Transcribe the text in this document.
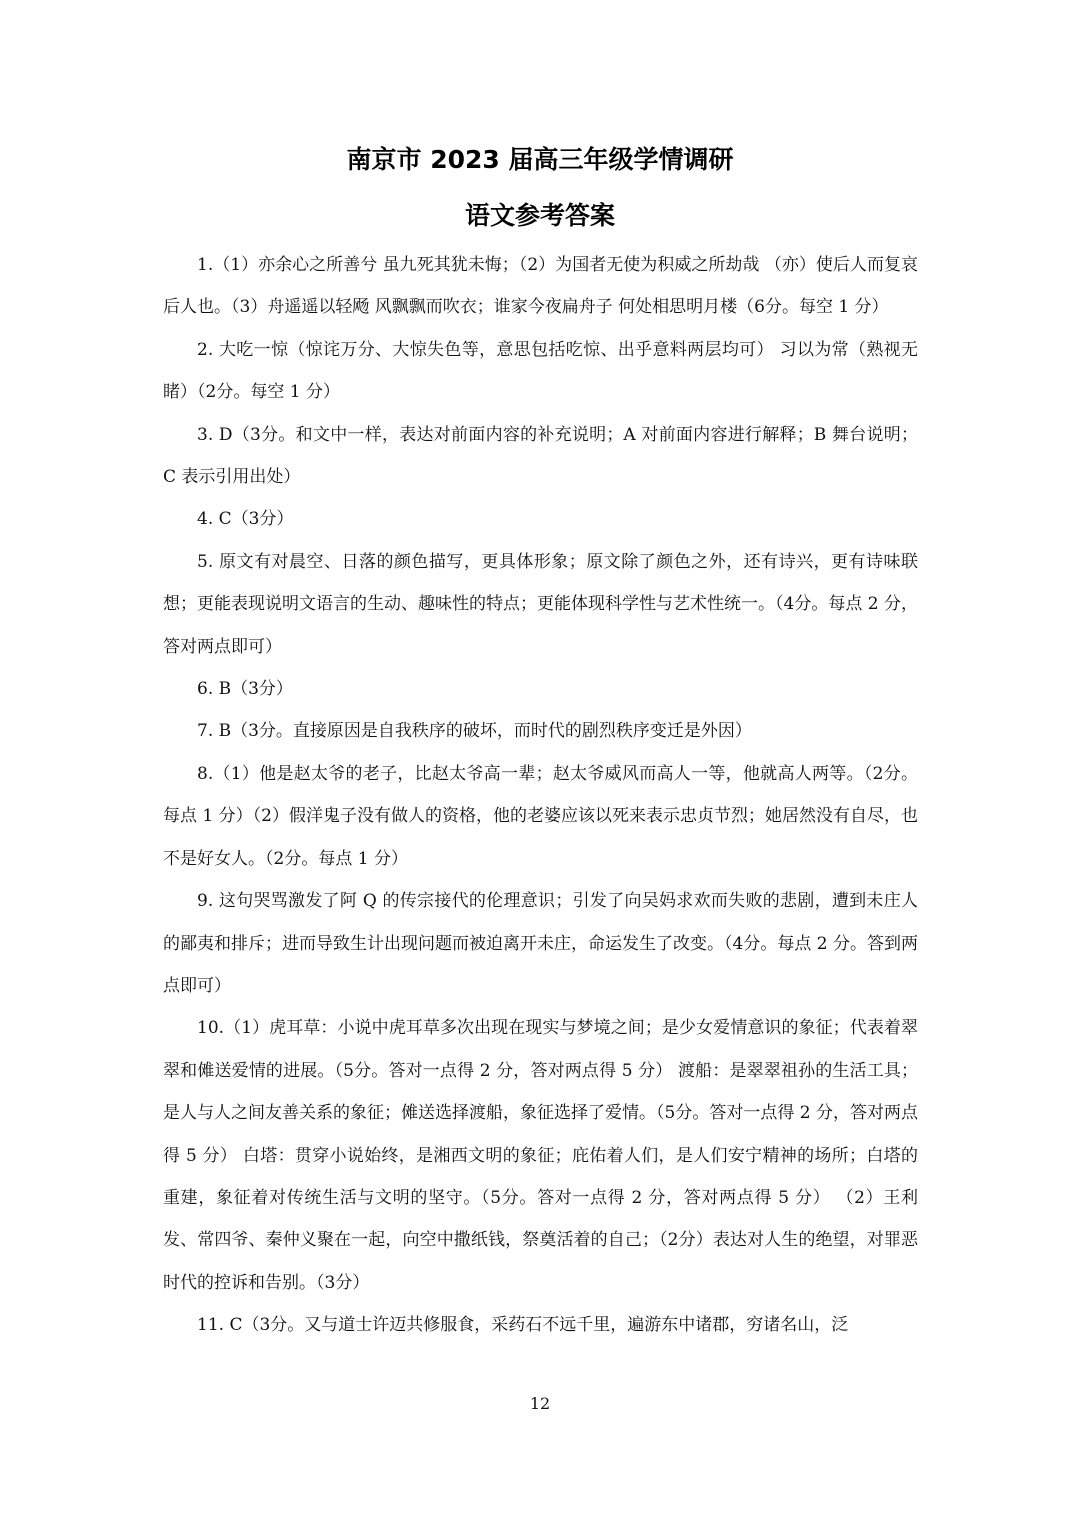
南京市 2023 届高三年级学情调研
语文参考答案

1.（1）亦余心之所善兮 虽九死其犹未悔；（2）为国者无使为积威之所劫哉 （亦）使后人而复哀后人也。（3）舟遥遥以轻飏 风飘飘而吹衣；谁家今夜扁舟子 何处相思明月楼（6分。每空 1 分）

2. 大吃一惊（惊诧万分、大惊失色等，意思包括吃惊、出乎意料两层均可） 习以为常（熟视无睹）（2分。每空 1 分）

3. D（3分。和文中一样，表达对前面内容的补充说明；A 对前面内容进行解释；B 舞台说明；C 表示引用出处）

4. C（3分）

5. 原文有对晨空、日落的颜色描写，更具体形象；原文除了颜色之外，还有诗兴，更有诗味联想；更能表现说明文语言的生动、趣味性的特点；更能体现科学性与艺术性统一。（4分。每点 2 分，答对两点即可）

6. B（3分）

7. B（3分。直接原因是自我秩序的破坏，而时代的剧烈秩序变迁是外因）

8.（1）他是赵太爷的老子，比赵太爷高一辈；赵太爷威风而高人一等，他就高人两等。（2分。每点 1 分）（2）假洋鬼子没有做人的资格，他的老婆应该以死来表示忠贞节烈；她居然没有自尽，也不是好女人。（2分。每点 1 分）

9. 这句哭骂激发了阿 Q 的传宗接代的伦理意识；引发了向吴妈求欢而失败的悲剧，遭到未庄人的鄙夷和排斥；进而导致生计出现问题而被迫离开未庄，命运发生了改变。（4分。每点 2 分。答到两点即可）

10.（1）虎耳草：小说中虎耳草多次出现在现实与梦境之间；是少女爱情意识的象征；代表着翠翠和傩送爱情的进展。（5分。答对一点得 2 分，答对两点得 5 分） 渡船：是翠翠祖孙的生活工具；是人与人之间友善关系的象征；傩送选择渡船，象征选择了爱情。（5分。答对一点得 2 分，答对两点得 5 分） 白塔：贯穿小说始终，是湘西文明的象征；庇佑着人们，是人们安宁精神的场所；白塔的重建，象征着对传统生活与文明的坚守。（5分。答对一点得 2 分，答对两点得 5 分） （2）王利发、常四爷、秦仲义聚在一起，向空中撒纸钱，祭奠活着的自己；（2分）表达对人生的绝望，对罪恶时代的控诉和告别。（3分）

11. C（3分。又与道士许迈共修服食，采药石不远千里，遍游东中诸郡，穷诸名山，泛

12
